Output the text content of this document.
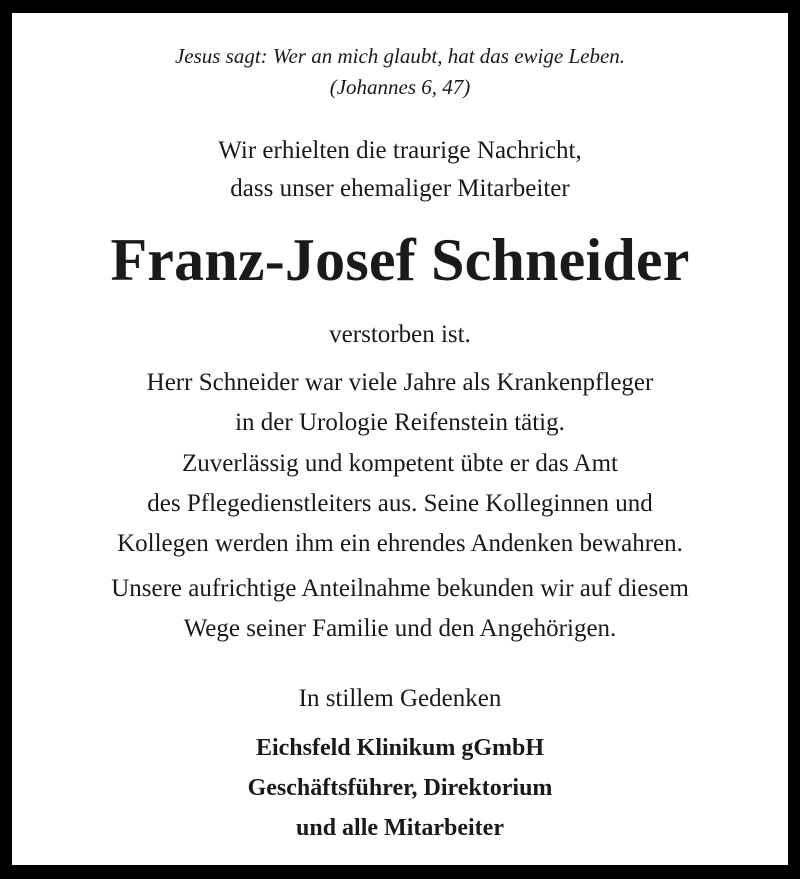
Jesus sagt: Wer an mich glaubt, hat das ewige Leben.
(Johannes 6, 47)
Wir erhielten die traurige Nachricht,
dass unser ehemaliger Mitarbeiter
Franz-Josef Schneider
verstorben ist.
Herr Schneider war viele Jahre als Krankenpfleger
in der Urologie Reifenstein tätig.
Zuverlässig und kompetent übte er das Amt
des Pflegedienstleiters aus. Seine Kolleginnen und
Kollegen werden ihm ein ehrendes Andenken bewahren.
Unsere aufrichtige Anteilnahme bekunden wir auf diesem
Wege seiner Familie und den Angehörigen.
In stillem Gedenken
Eichsfeld Klinikum gGmbH
Geschäftsführer, Direktorium
und alle Mitarbeiter
